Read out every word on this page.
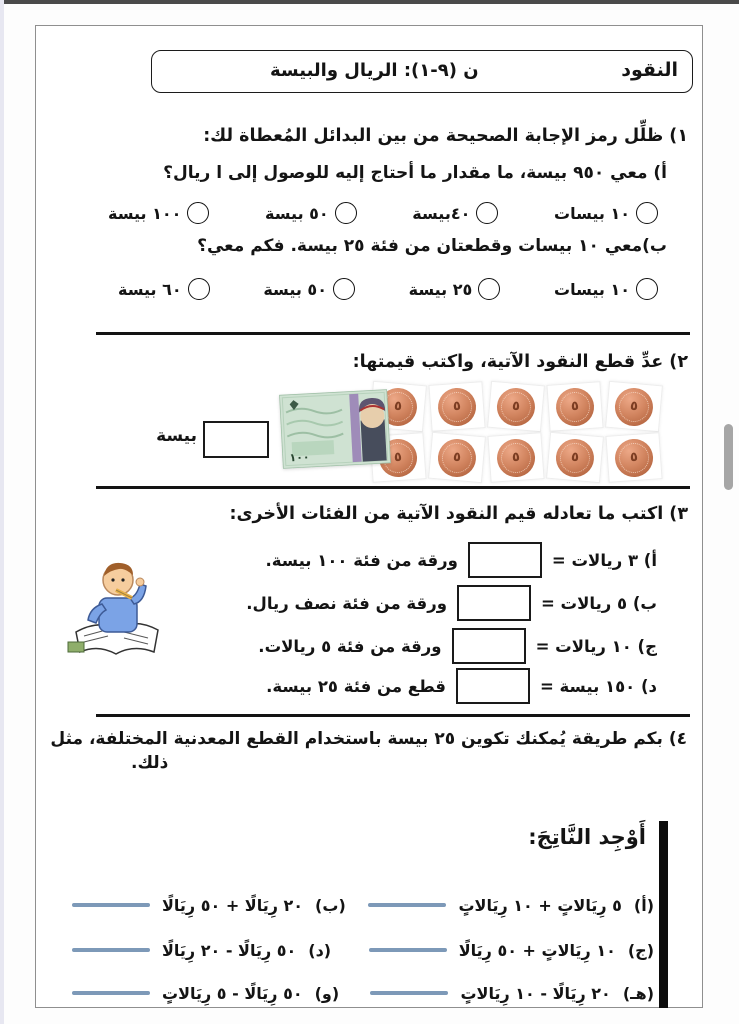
النقود
ن (٩-١): الريال والبيسة
١) ظلِّل رمز الإجابة الصحيحة من بين البدائل المُعطاة لك:
أ) معي ٩٥٠ بيسة، ما مقدار ما أحتاج إليه للوصول إلى ا ريال؟
١٠ بيسات
٤٠بيسة
٥٠ بيسة
١٠٠ بيسة
ب)معي ١٠ بيسات وقطعتان من فئة ٢٥ بيسة. فكم معي؟
١٠ بيسات
٢٥ بيسة
٥٠ بيسة
٦٠ بيسة
٢) عدِّ قطع النقود الآتية، واكتب قيمتها:
٥
٥
٥
٥
٥
٥
٥
٥
٥
٥
١٠٠
بيسة
٣) اكتب ما تعادله قيم النقود الآتية من الفئات الأخرى:
أ) ٣ ريالات =
ورقة من فئة ١٠٠ بيسة.
ب) ٥ ريالات =
ورقة من فئة نصف ريال.
ج) ١٠ ريالات =
ورقة من فئة ٥ ريالات.
د) ١٥٠ بيسة =
قطع من فئة ٢٥ بيسة.
٤) بكم طريقة يُمكنك تكوين ٢٥ بيسة باستخدام القطع المعدنية المختلفة، مثل
ذلك.
أَوْجِد النَّاتِجَ:
(أ)
٥ رِيَالاتٍ + ١٠ رِيَالاتٍ
(ب)
٢٠ رِيَالًا + ٥٠ رِيَالًا
(ج)
١٠ رِيَالاتٍ + ٥٠ رِيَالًا
(د)
٥٠ رِيَالًا - ٢٠ رِيَالًا
(هـ)
٢٠ رِيَالًا - ١٠ رِيَالاتٍ
(و)
٥٠ رِيَالًا - ٥ رِيَالاتٍ
